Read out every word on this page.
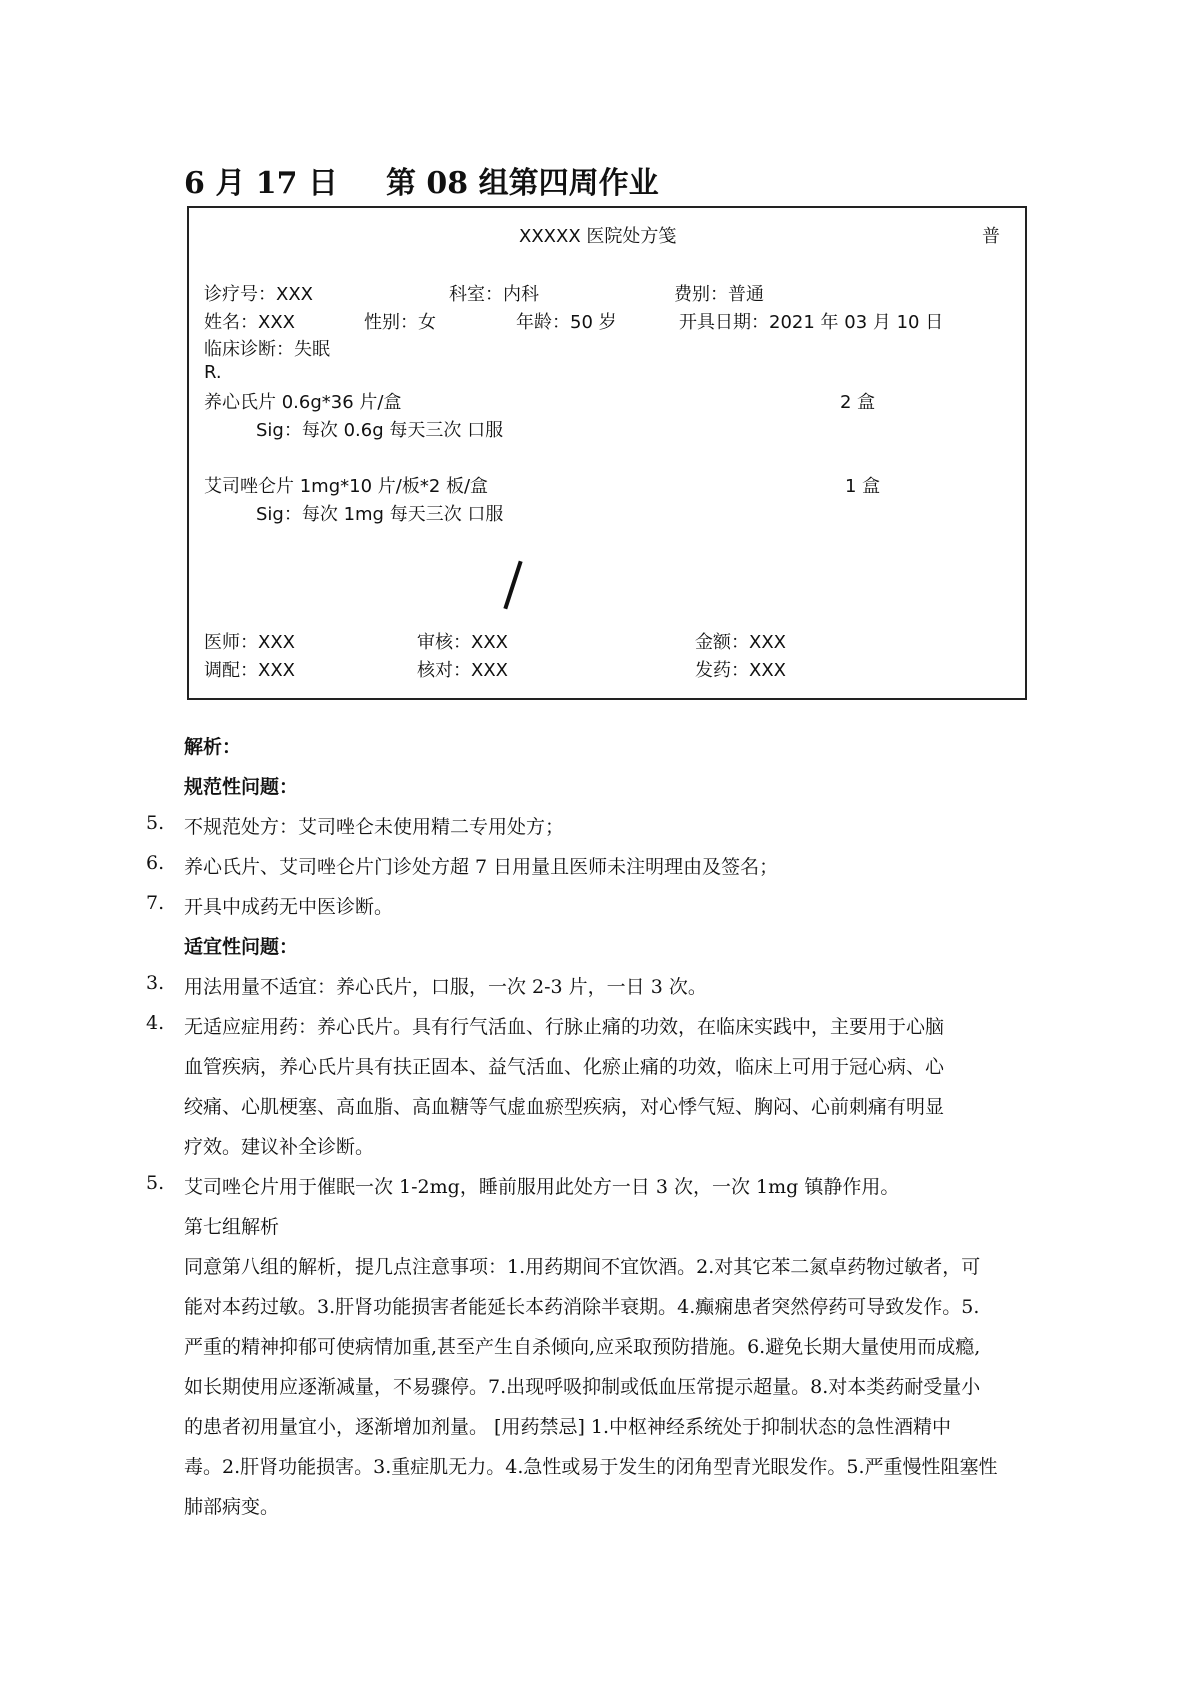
6 月 17 日 第 08 组第四周作业
XXXXX 医院处方笺	普
诊疗号：XXX	科室：内科	费别：普通
姓名：XXX	性别：女	年龄：50 岁	开具日期：2021 年 03 月 10 日
临床诊断：失眠
R.
养心氏片 0.6g*36 片/盒	2 盒
Sig：每次 0.6g 每天三次 口服
艾司唑仑片 1mg*10 片/板*2 板/盒	1 盒
Sig：每次 1mg 每天三次 口服
医师：XXX	审核：XXX	金额：XXX
调配：XXX	核对：XXX	发药：XXX
解析：
规范性问题：
5. 不规范处方：艾司唑仑未使用精二专用处方；
6. 养心氏片、艾司唑仑片门诊处方超 7 日用量且医师未注明理由及签名；
7. 开具中成药无中医诊断。
适宜性问题：
3. 用法用量不适宜：养心氏片，口服，一次 2-3 片，一日 3 次。
4. 无适应症用药：养心氏片。具有行气活血、行脉止痛的功效，在临床实践中，主要用于心脑
血管疾病，养心氏片具有扶正固本、益气活血、化瘀止痛的功效，临床上可用于冠心病、心
绞痛、心肌梗塞、高血脂、高血糖等气虚血瘀型疾病，对心悸气短、胸闷、心前刺痛有明显
疗效。建议补全诊断。
5. 艾司唑仑片用于催眠一次 1-2mg，睡前服用此处方一日 3 次，一次 1mg 镇静作用。
第七组解析
同意第八组的解析，提几点注意事项：1.用药期间不宜饮酒。2.对其它苯二氮卓药物过敏者，可
能对本药过敏。3.肝肾功能损害者能延长本药消除半衰期。4.癫痫患者突然停药可导致发作。5.
严重的精神抑郁可使病情加重,甚至产生自杀倾向,应采取预防措施。6.避免长期大量使用而成瘾,
如长期使用应逐渐减量，不易骤停。7.出现呼吸抑制或低血压常提示超量。8.对本类药耐受量小
的患者初用量宜小，逐渐增加剂量。 [用药禁忌] 1.中枢神经系统处于抑制状态的急性酒精中
毒。2.肝肾功能损害。3.重症肌无力。4.急性或易于发生的闭角型青光眼发作。5.严重慢性阻塞性
肺部病变。
